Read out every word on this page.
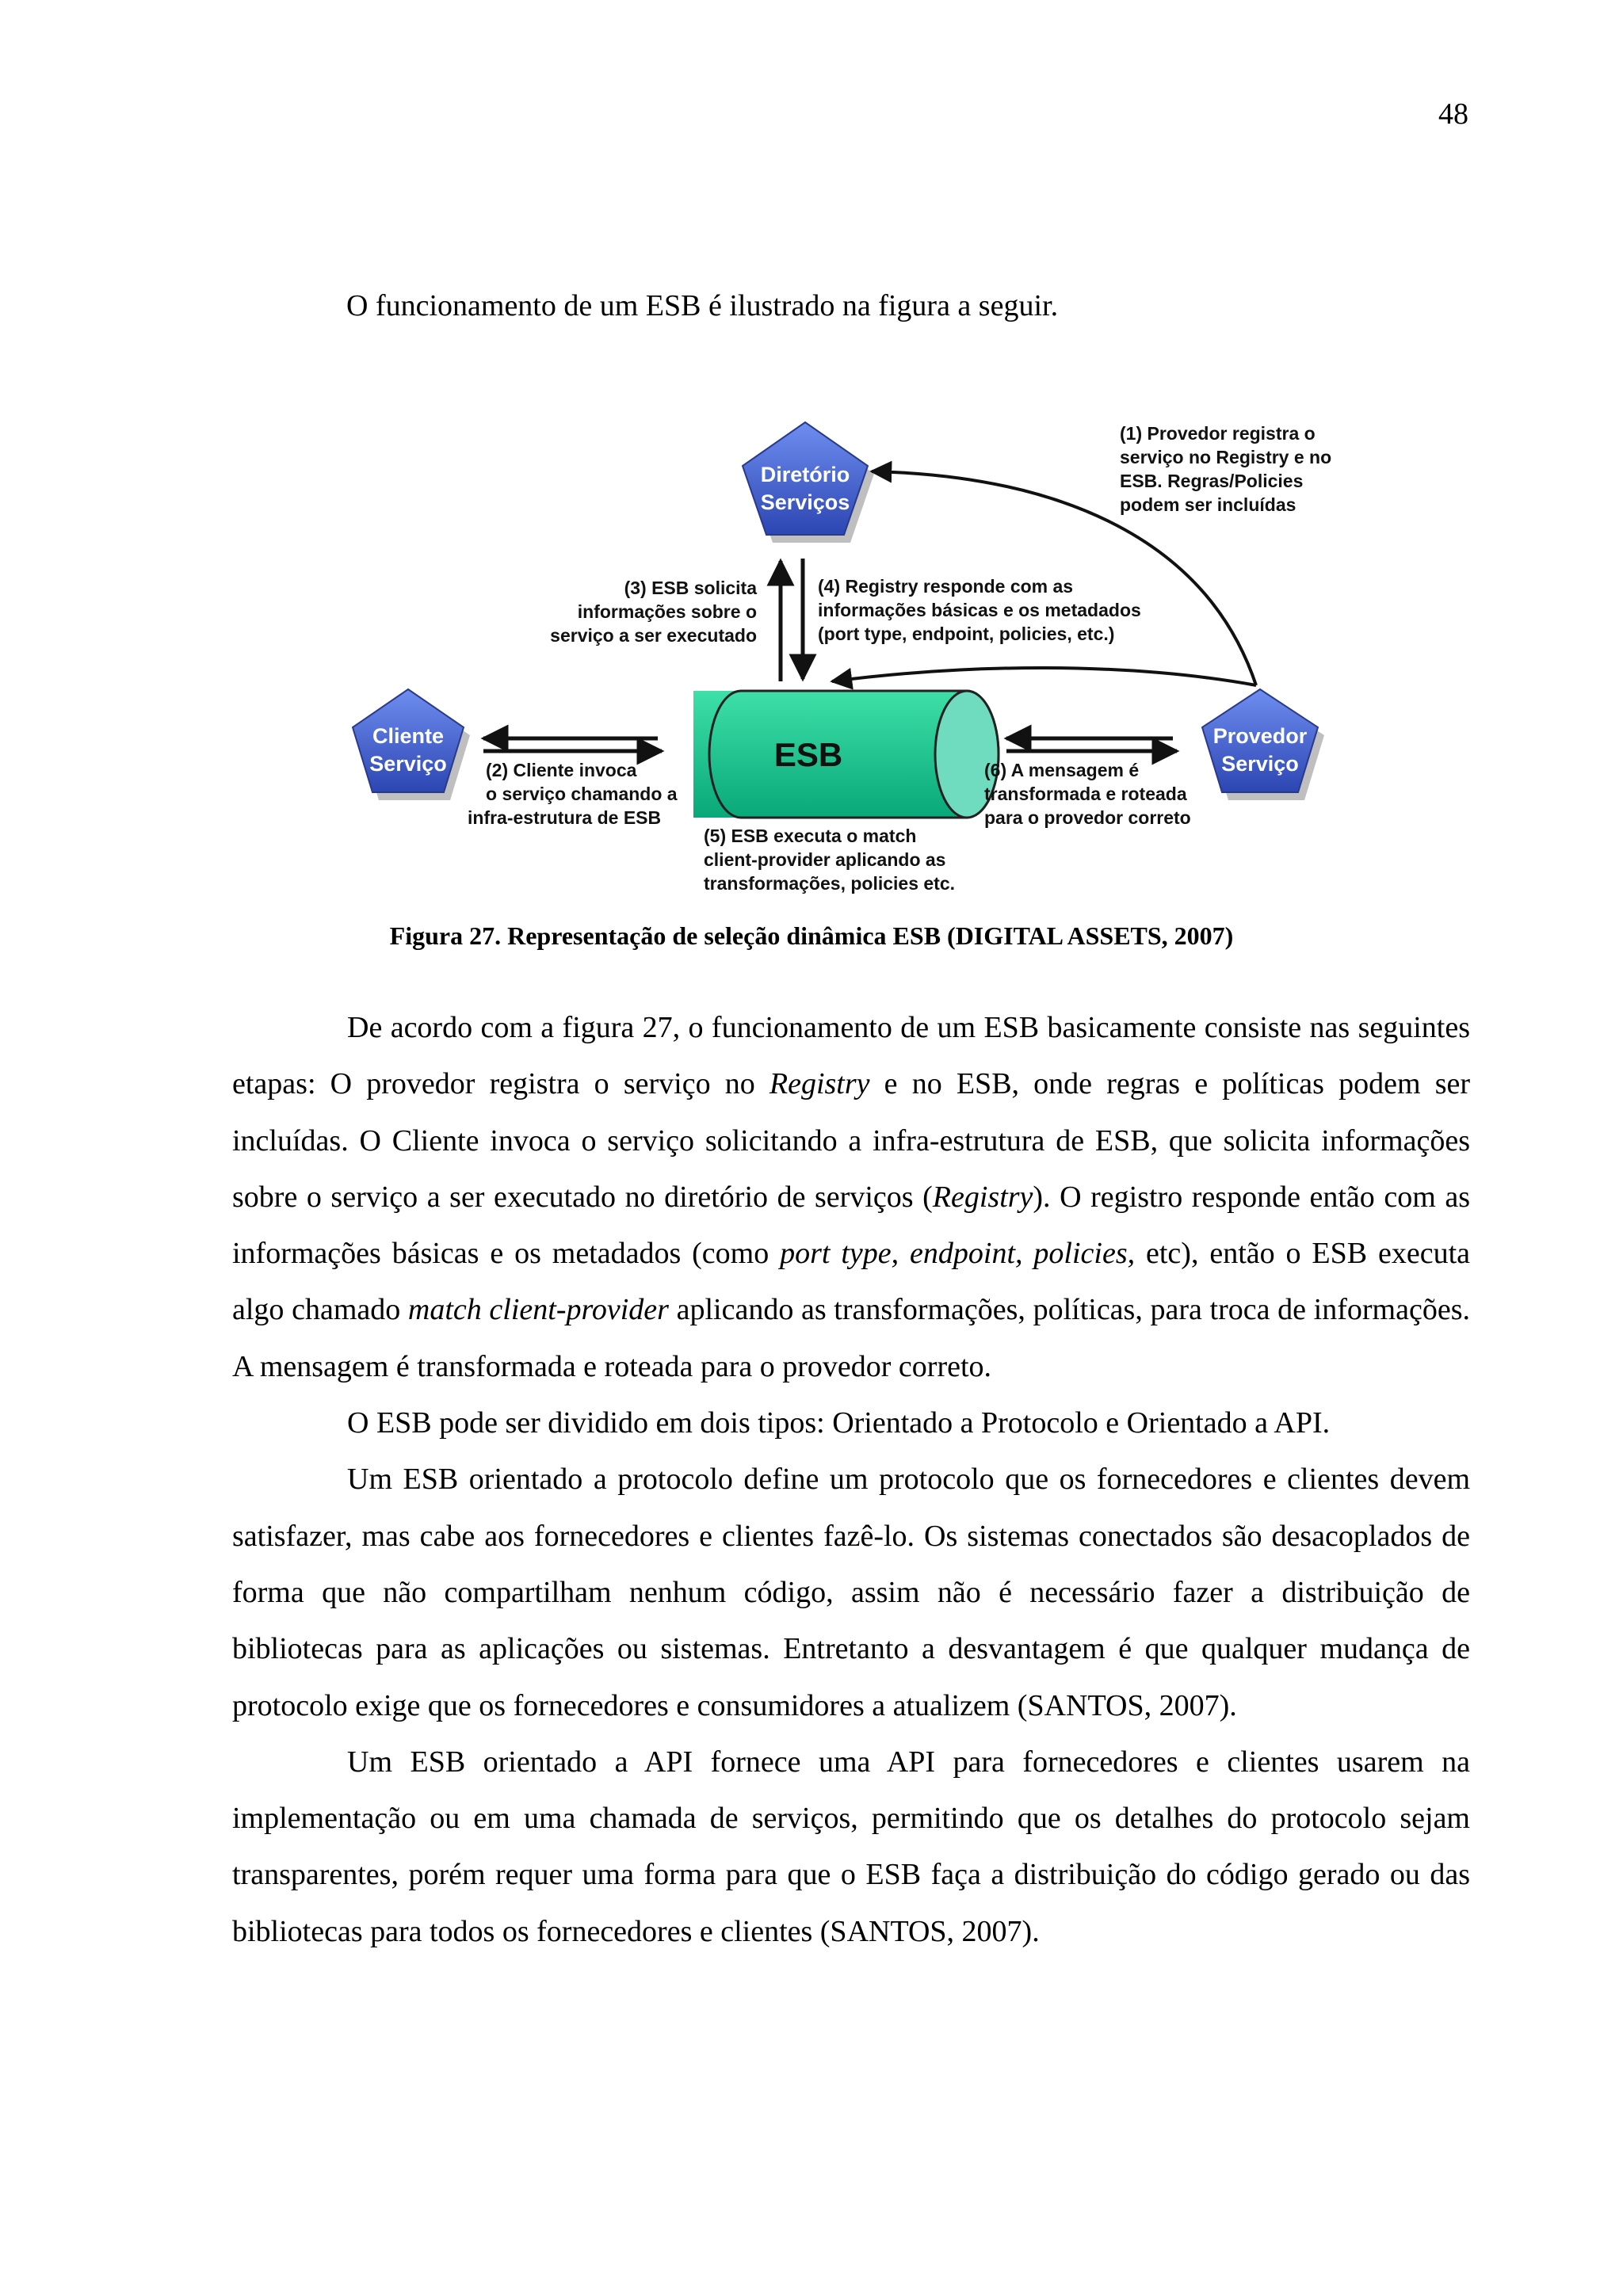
48

O funcionamento de um ESB é ilustrado na figura a seguir.

ESB
Diretório
Serviços
Cliente
Serviço
Provedor
Serviço
(1) Provedor registra o
serviço no Registry e no
ESB. Regras/Policies
podem ser incluídas
(3) ESB solicita
informações sobre o
serviço a ser executado
(4) Registry responde com as
informações básicas e os metadados
(port type, endpoint, policies, etc.)
(2) Cliente invoca
o serviço chamando a
infra-estrutura de ESB
(5) ESB executa o match
client-provider aplicando as
transformações, policies etc.
(6) A mensagem é
transformada e roteada
para o provedor correto

Figura 27. Representação de seleção dinâmica ESB (DIGITAL ASSETS, 2007)

De acordo com a figura 27, o funcionamento de um ESB basicamente consiste nas seguintes etapas: O provedor registra o serviço no Registry e no ESB, onde regras e políticas podem ser incluídas. O Cliente invoca o serviço solicitando a infra-estrutura de ESB, que solicita informações sobre o serviço a ser executado no diretório de serviços (Registry). O registro responde então com as informações básicas e os metadados (como port type, endpoint, policies, etc), então o ESB executa algo chamado match client-provider aplicando as transformações, políticas, para troca de informações. A mensagem é transformada e roteada para o provedor correto.

O ESB pode ser dividido em dois tipos: Orientado a Protocolo e Orientado a API.

Um ESB orientado a protocolo define um protocolo que os fornecedores e clientes devem satisfazer, mas cabe aos fornecedores e clientes fazê-lo. Os sistemas conectados são desacoplados de forma que não compartilham nenhum código, assim não é necessário fazer a distribuição de bibliotecas para as aplicações ou sistemas. Entretanto a desvantagem é que qualquer mudança de protocolo exige que os fornecedores e consumidores a atualizem (SANTOS, 2007).

Um ESB orientado a API fornece uma API para fornecedores e clientes usarem na implementação ou em uma chamada de serviços, permitindo que os detalhes do protocolo sejam transparentes, porém requer uma forma para que o ESB faça a distribuição do código gerado ou das bibliotecas para todos os fornecedores e clientes (SANTOS, 2007).
